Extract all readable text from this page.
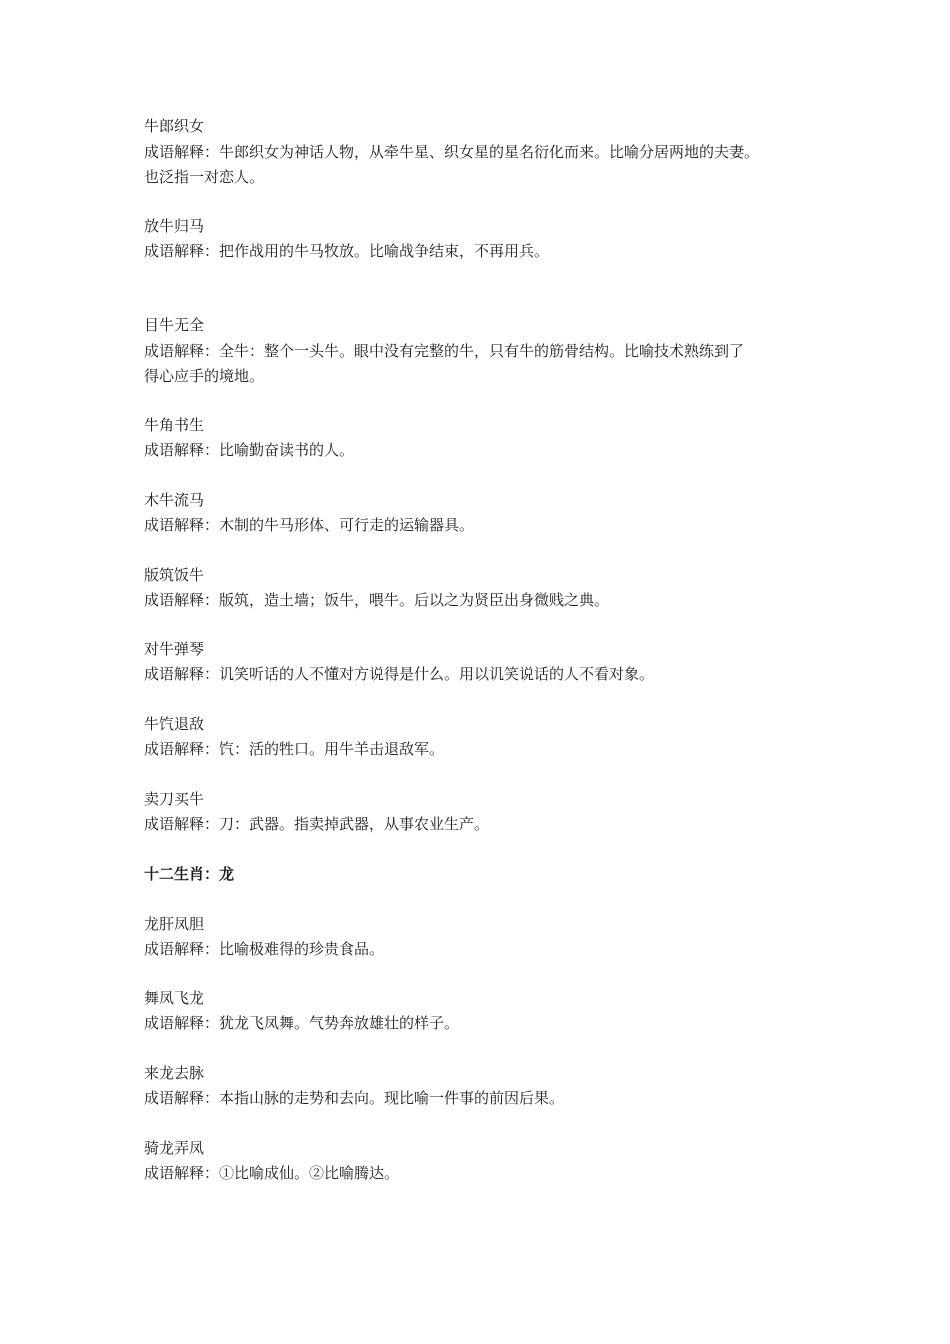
牛郎织女
成语解释：牛郎织女为神话人物，从牵牛星、织女星的星名衍化而来。比喻分居两地的夫妻。
也泛指一对恋人。
放牛归马
成语解释：把作战用的牛马牧放。比喻战争结束，不再用兵。
目牛无全
成语解释：全牛：整个一头牛。眼中没有完整的牛，只有牛的筋骨结构。比喻技术熟练到了
得心应手的境地。
牛角书生
成语解释：比喻勤奋读书的人。
木牛流马
成语解释：木制的牛马形体、可行走的运输器具。
版筑饭牛
成语解释：版筑，造土墙；饭牛，喂牛。后以之为贤臣出身微贱之典。
对牛弹琴
成语解释：讥笑听话的人不懂对方说得是什么。用以讥笑说话的人不看对象。
牛饩退敌
成语解释：饩：活的牲口。用牛羊击退敌军。
卖刀买牛
成语解释：刀：武器。指卖掉武器，从事农业生产。
十二生肖：龙
龙肝凤胆
成语解释：比喻极难得的珍贵食品。
舞凤飞龙
成语解释：犹龙飞凤舞。气势奔放雄壮的样子。
来龙去脉
成语解释：本指山脉的走势和去向。现比喻一件事的前因后果。
骑龙弄凤
成语解释：①比喻成仙。②比喻腾达。
